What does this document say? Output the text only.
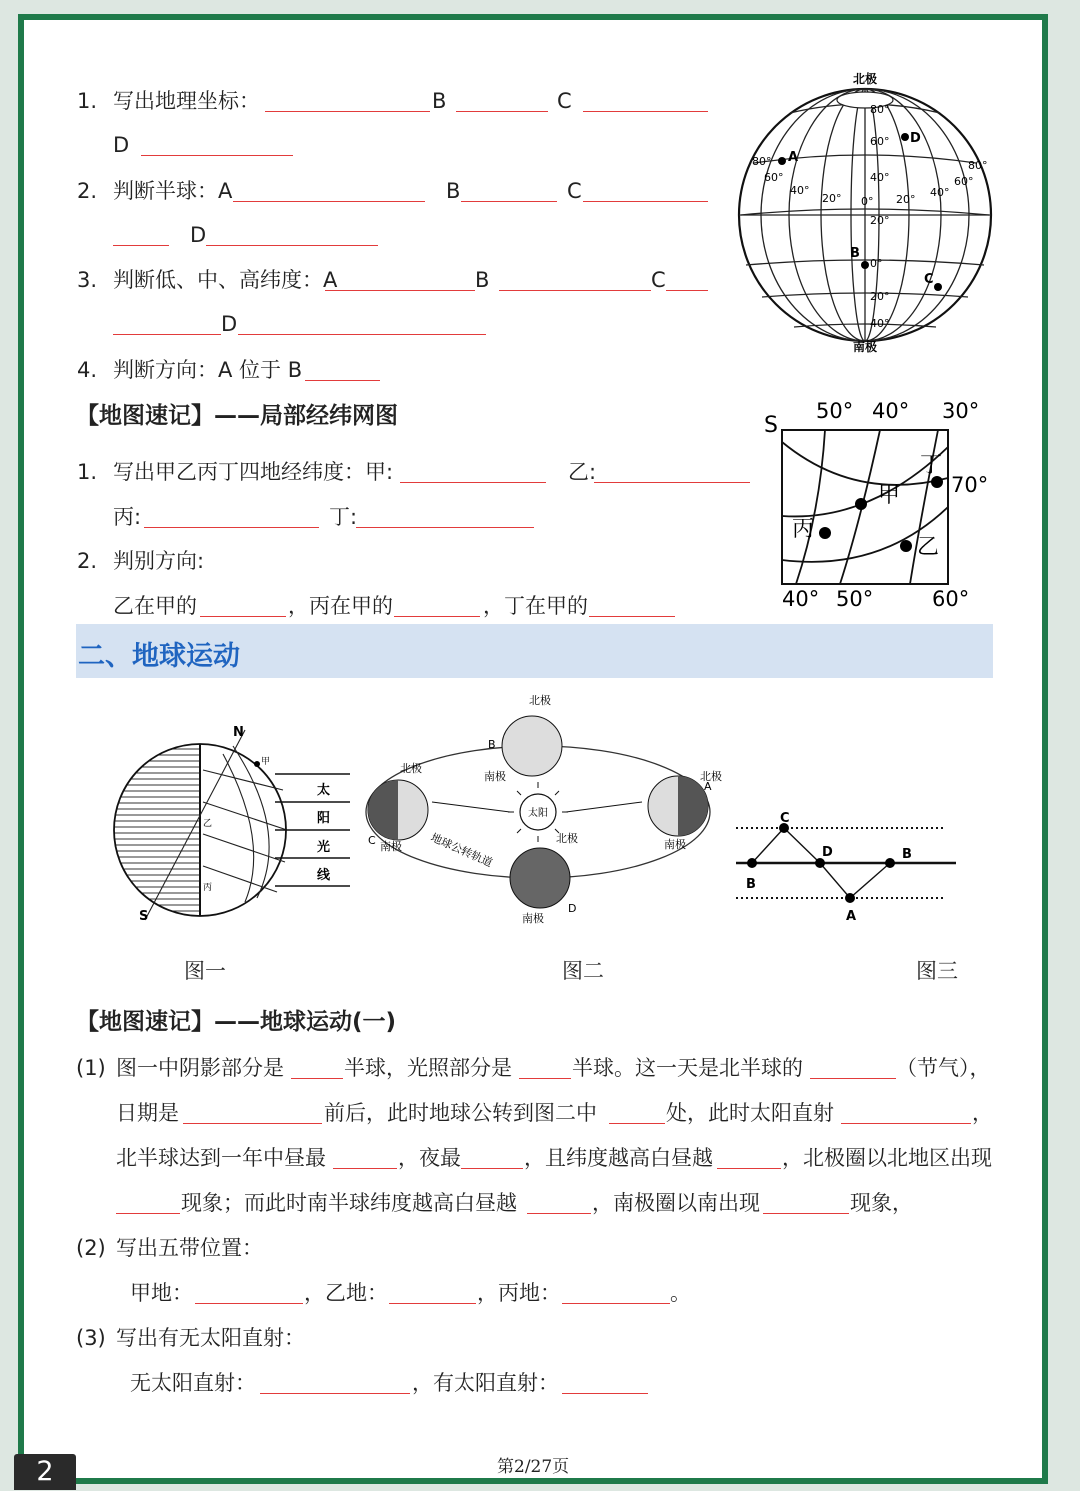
1. 写出地理坐标：	B	C
D
2. 判断半球：A	B	C
D
3. 判断低、中、高纬度：A	B	C
D
4. 判断方向：A 位于 B
北极
南极
80°
60°
40°
20°
0°
20°
40°
80°
60°
40°
20° 0° 20°
40°
60°
80°
A
B
C
D
【地图速记】——局部经纬网图
1. 写出甲乙丙丁四地经纬度：甲:	乙:
丙:	丁:
2. 判别方向:
乙在甲的	，丙在甲的	，丁在甲的
S
50° 40° 30°
40° 50°	60°
70°
甲
乙
丙
丁
二、地球运动
N
S
甲
乙
丙
太
阳
光
线
太阳
北极
南极
北极
南极
北极
南极
北极
南极
B
C
A
D
地球公转轨道
B
C
D
A
B
图一	图二	图三
【地图速记】——地球运动(一)
(1) 图一中阴影部分是	半球，光照部分是	半球。这一天是北半球的	（节气），
日期是	前后，此时地球公转到图二中	处，此时太阳直射	，
北半球达到一年中昼最	，夜最	，且纬度越高白昼越	，北极圈以北地区出现
现象；而此时南半球纬度越高白昼越	，南极圈以南出现	现象，
(2) 写出五带位置：
甲地：	，乙地：	，丙地：	。
(3) 写出有无太阳直射：
无太阳直射：	，有太阳直射：
第2/27页
2
